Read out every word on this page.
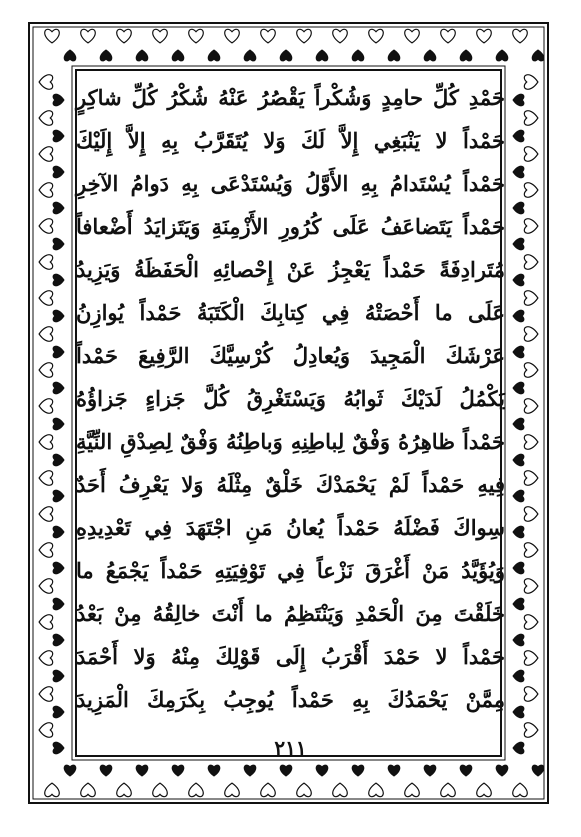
حَمْدِ كُلِّ حامِدٍ وَشُكْراً يَقْصُرُ عَنْهُ شُكْرُ كُلِّ شاكِرٍ
حَمْداً لا يَنْبَغِي إِلاَّ لَكَ وَلا يُتَقَرَّبُ بِهِ إِلاَّ إِلَيْكَ
حَمْداً يُسْتَدامُ بِهِ الأَوَّلُ وَيُسْتَدْعَى بِهِ دَوامُ الآخِرِ
حَمْداً يَتَضاعَفُ عَلَى كُرُورِ الأَزْمِنَةِ وَيَتَزايَدُ أَضْعافاً
مُتَرادِفَةً حَمْداً يَعْجِزُ عَنْ إِحْصائِهِ الْحَفَظَةُ وَيَزِيدُ
عَلَى ما أَحْصَتْهُ فِي كِتابِكَ الْكَتَبَةُ حَمْداً يُوازِنُ
عَرْشَكَ الْمَجِيدَ وَيُعادِلُ كُرْسِيَّكَ الرَّفِيعَ حَمْداً
يَكْمُلُ لَدَيْكَ ثَوابُهُ وَيَسْتَغْرِقُ كُلَّ جَزاءٍ جَزاؤُهُ
حَمْداً ظاهِرُهُ وَفْقٌ لِباطِنِهِ وَباطِنُهُ وَفْقٌ لِصِدْقِ النِّيَّةِ
فِيهِ حَمْداً لَمْ يَحْمَدْكَ خَلْقٌ مِثْلَهُ وَلا يَعْرِفُ أَحَدٌ
سِواكَ فَضْلَهُ حَمْداً يُعانُ مَنِ اجْتَهَدَ فِي تَعْدِيدِهِ
وَيُؤَيَّدُ مَنْ أَغْرَقَ نَزْعاً فِي تَوْفِيَتِهِ حَمْداً يَجْمَعُ ما
خَلَقْتَ مِنَ الْحَمْدِ وَيَنْتَظِمُ ما أَنْتَ خالِقُهُ مِنْ بَعْدُ
حَمْداً لا حَمْدَ أَقْرَبُ إِلَى قَوْلِكَ مِنْهُ وَلا أَحْمَدَ
مِمَّنْ يَحْمَدُكَ بِهِ حَمْداً يُوجِبُ بِكَرَمِكَ الْمَزِيدَ
٢١١
